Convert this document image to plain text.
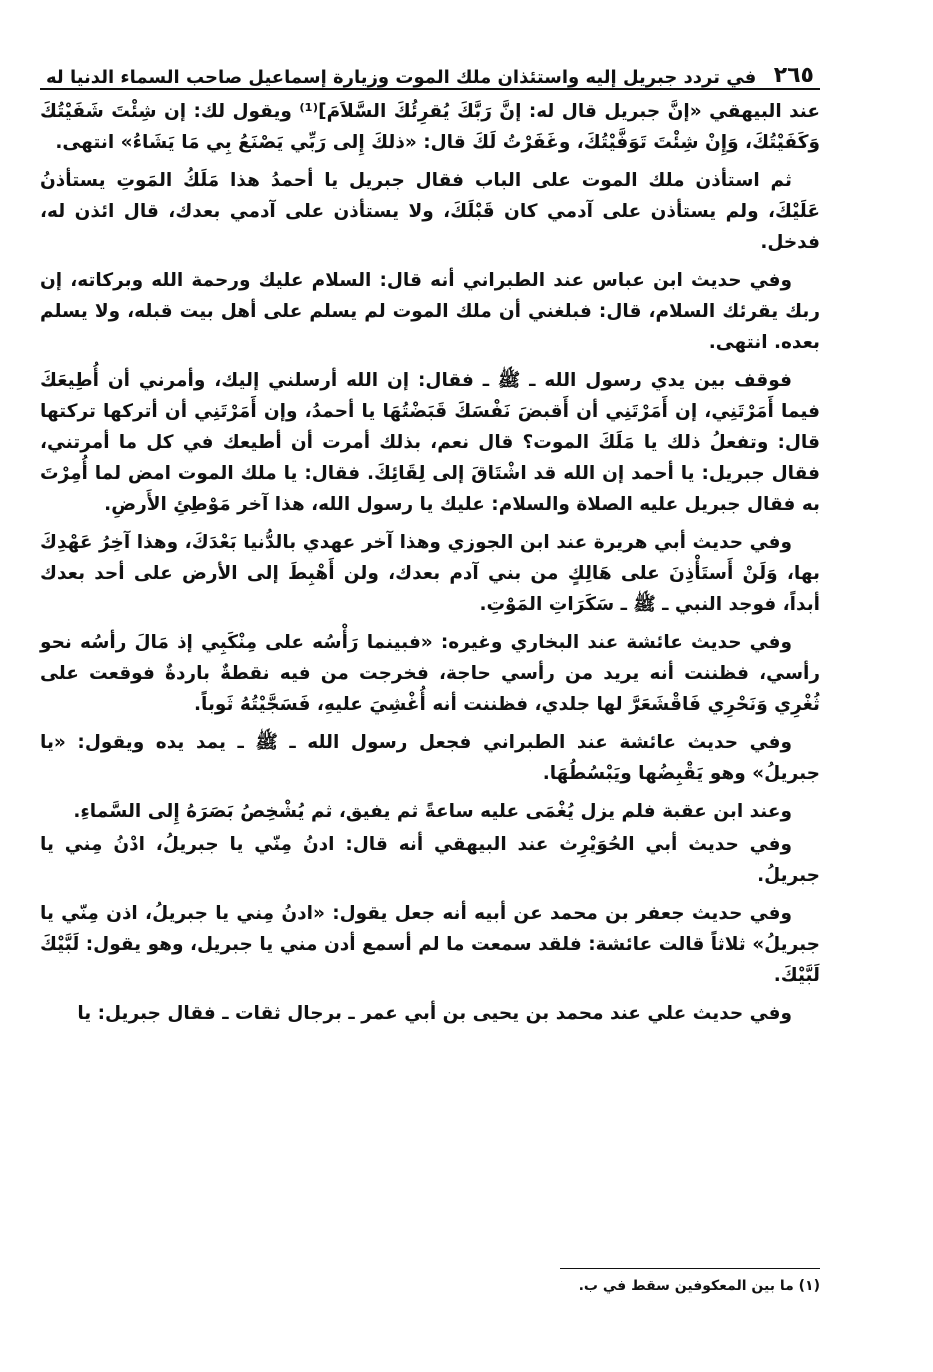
٢٦٥
في تردد جبريل إليه واستئذان ملك الموت وزيارة إسماعيل صاحب السماء الدنيا له

عند البيهقي «إنَّ جبريل قال له: إنَّ رَبَّكَ يُقرِئُكَ السَّلاَمَ]⁽¹⁾ ويقول لك: إن شِئْتَ شَفَيْتُكَ وَكَفَيْتُكَ، وَإِنْ شِئْتَ تَوَفَّيْتُكَ، وغَفَرْتُ لَكَ قال: «ذلكَ إِلى رَبِّي يَصْنَعُ بِي مَا يَشَاءُ» انتهى.

ثم استأذن ملك الموت على الباب فقال جبريل يا أحمدُ هذا مَلَكُ المَوتِ يستأذنُ عَلَيْكَ، ولم يستأذن على آدمي كان قَبْلَكَ، ولا يستأذن على آدمي بعدك، قال ائذن له، فدخل.

وفي حديث ابن عباس عند الطبراني أنه قال: السلام عليك ورحمة الله وبركاته، إن ربك يقرئك السلام، قال: فبلغني أن ملك الموت لم يسلم على أهل بيت قبله، ولا يسلم بعده. انتهى.

فوقف بين يدي رسول الله ـ ﷺ ـ فقال: إن الله أرسلني إليك، وأمرني أن أُطِيعَكَ فيما أَمَرْتَنِي، إن أَمَرْتَنِي أن أَقبضَ نَفْسَكَ قَبَضْتُهَا يا أحمدُ، وإن أَمَرْتَنِي أن أتركها تركتها قال: وتفعلُ ذلك يا مَلَكَ الموت؟ قال نعم، بذلك أمرت أن أطيعك في كل ما أمرتني، فقال جبريل: يا أحمد إن الله قد اشْتَاقَ إلى لِقَائِكَ. فقال: يا ملك الموت امض لما أُمِرْتَ به فقال جبريل عليه الصلاة والسلام: عليك يا رسول الله، هذا آخر مَوْطِئِ الأَرضِ.

وفي حديث أبي هريرة عند ابن الجوزي وهذا آخر عهدي بالدُّنيا بَعْدَكَ، وهذا آخِرُ عَهْدِكَ بها، وَلَنْ أَستَأْذِنَ على هَالِكٍ من بني آدم بعدك، ولن أَهْبِطَ إلى الأرض على أحد بعدك أبداً، فوجد النبي ـ ﷺ ـ سَكَرَاتِ المَوْتِ.

وفي حديث عائشة عند البخاري وغيره: «فبينما رَأْسُه على مِنْكَبِي إذ مَالَ رأسُه نحو رأسي، فظننت أنه يريد من رأسي حاجة، فخرجت من فيه نقطةٌ باردةٌ فوقعت على ثُغْرِي وَنَحْرِي فَاقْشَعَرَّ لها جلدي، فظننت أنه أُغْشِيَ عليهِ، فَسَجَّيْتُهُ ثَوباً.

وفي حديث عائشة عند الطبراني فجعل رسول الله ـ ﷺ ـ يمد يده ويقول: «يا جبريلُ» وهو يَقْبِضُها ويَبْسُطُهَا.

وعند ابن عقبة فلم يزل يُغْمَى عليه ساعةً ثم يفيق، ثم يُشْخِصُ بَصَرَهُ إِلى السَّماءِ.

وفي حديث أبي الحُوَيْرِث عند البيهقي أنه قال: ادنُ مِنّي يا جبريلُ، ادْنُ مِني يا جبريلُ.

وفي حديث جعفر بن محمد عن أبيه أنه جعل يقول: «ادنُ مِني يا جبريلُ، اذن مِنّي يا جبريلُ» ثلاثاً قالت عائشة: فلقد سمعت ما لم أسمع أدن مني يا جبريل، وهو يقول: لَبَّيْكَ لَبَّيْكَ.

وفي حديث علي عند محمد بن يحيى بن أبي عمر ـ برجال ثقات ـ فقال جبريل: يا

(١) ما بين المعكوفين سقط في ب.
